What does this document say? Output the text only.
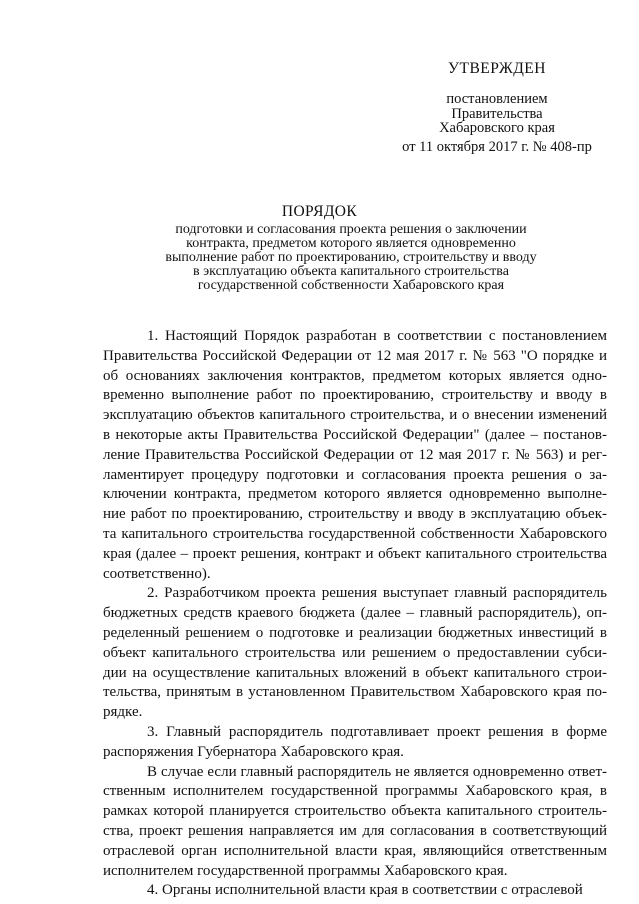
УТВЕРЖДЕН
постановлением
Правительства
Хабаровского края
от 11 октября 2017 г. № 408-пр
ПОРЯДОК
подготовки и согласования проекта решения о заключении
контракта, предметом которого является одновременно
выполнение работ по проектированию, строительству и вводу
в эксплуатацию объекта капитального строительства
государственной собственности Хабаровского края
1. Настоящий Порядок разработан в соответствии с постановлением
Правительства Российской Федерации от 12 мая 2017 г. № 563 "О порядке и
об основаниях заключения контрактов, предметом которых является одно-
временно выполнение работ по проектированию, строительству и вводу в
эксплуатацию объектов капитального строительства, и о внесении изменений
в некоторые акты Правительства Российской Федерации" (далее – постанов-
ление Правительства Российской Федерации от 12 мая 2017 г. № 563) и рег-
ламентирует процедуру подготовки и согласования проекта решения о за-
ключении контракта, предметом которого является одновременно выполне-
ние работ по проектированию, строительству и вводу в эксплуатацию объек-
та капитального строительства государственной собственности Хабаровского
края (далее – проект решения, контракт и объект капитального строительства
соответственно).
2. Разработчиком проекта решения выступает главный распорядитель
бюджетных средств краевого бюджета (далее – главный распорядитель), оп-
ределенный решением о подготовке и реализации бюджетных инвестиций в
объект капитального строительства или решением о предоставлении субси-
дии на осуществление капитальных вложений в объект капитального строи-
тельства, принятым в установленном Правительством Хабаровского края по-
рядке.
3. Главный распорядитель подготавливает проект решения в форме
распоряжения Губернатора Хабаровского края.
В случае если главный распорядитель не является одновременно ответ-
ственным исполнителем государственной программы Хабаровского края, в
рамках которой планируется строительство объекта капитального строитель-
ства, проект решения направляется им для согласования в соответствующий
отраслевой орган исполнительной власти края, являющийся ответственным
исполнителем государственной программы Хабаровского края.
4. Органы исполнительной власти края в соответствии с отраслевой
